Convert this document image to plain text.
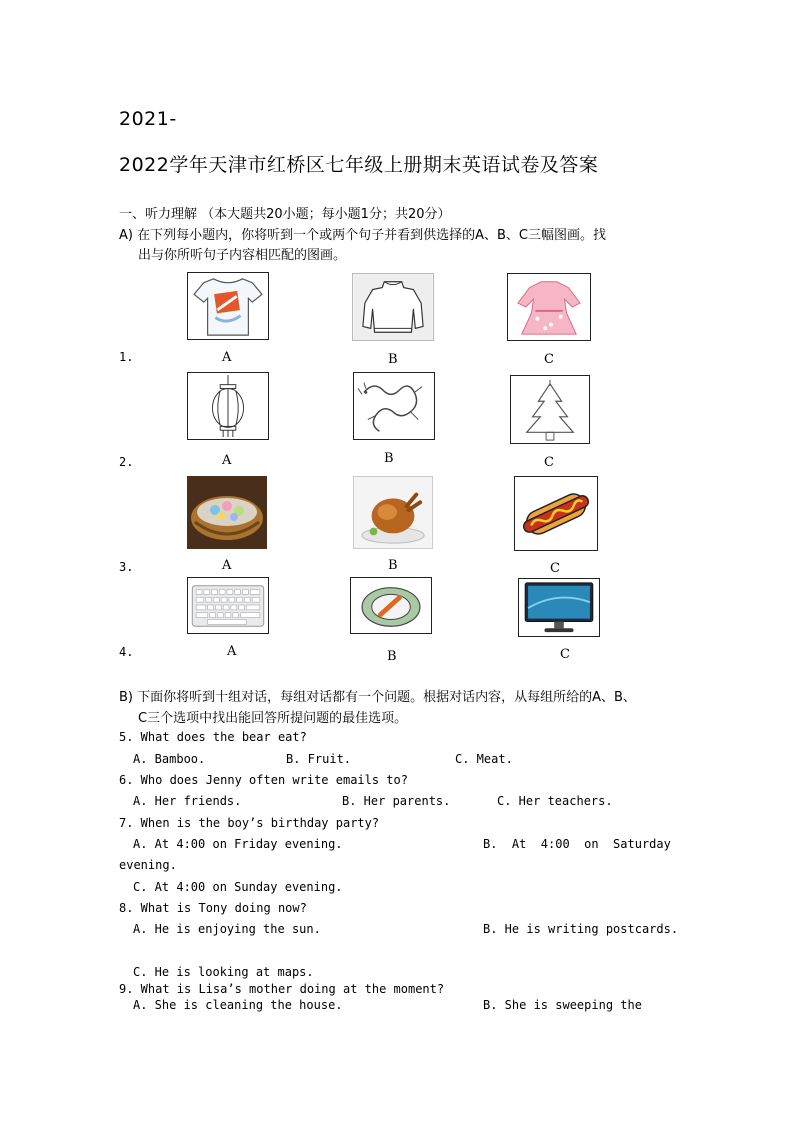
2021-
2022学年天津市红桥区七年级上册期末英语试卷及答案
一、听力理解 （本大题共20小题；每小题1分；共20分）
A) 在下列每小题内，你将听到一个或两个句子并看到供选择的A、B、C三幅图画。找
出与你所听句子内容相匹配的图画。
1.	A	B	C
2.	A	B	C
3.	A	B	C
4.	A	B	C
B) 下面你将听到十组对话，每组对话都有一个问题。根据对话内容，从每组所给的A、B、
C三个选项中找出能回答所提问题的最佳选项。
5. What does the bear eat?
A. Bamboo.	B. Fruit.	C. Meat.
6. Who does Jenny often write emails to?
A. Her friends.	B. Her parents.	C. Her teachers.
7. When is the boy’s birthday party?
A. At 4:00 on Friday evening.	B.  At  4:00  on  Saturday
evening.
C. At 4:00 on Sunday evening.
8. What is Tony doing now?
A. He is enjoying the sun.	B. He is writing postcards.
C. He is looking at maps.
9. What is Lisa’s mother doing at the moment?
A. She is cleaning the house.	B. She is sweeping the
